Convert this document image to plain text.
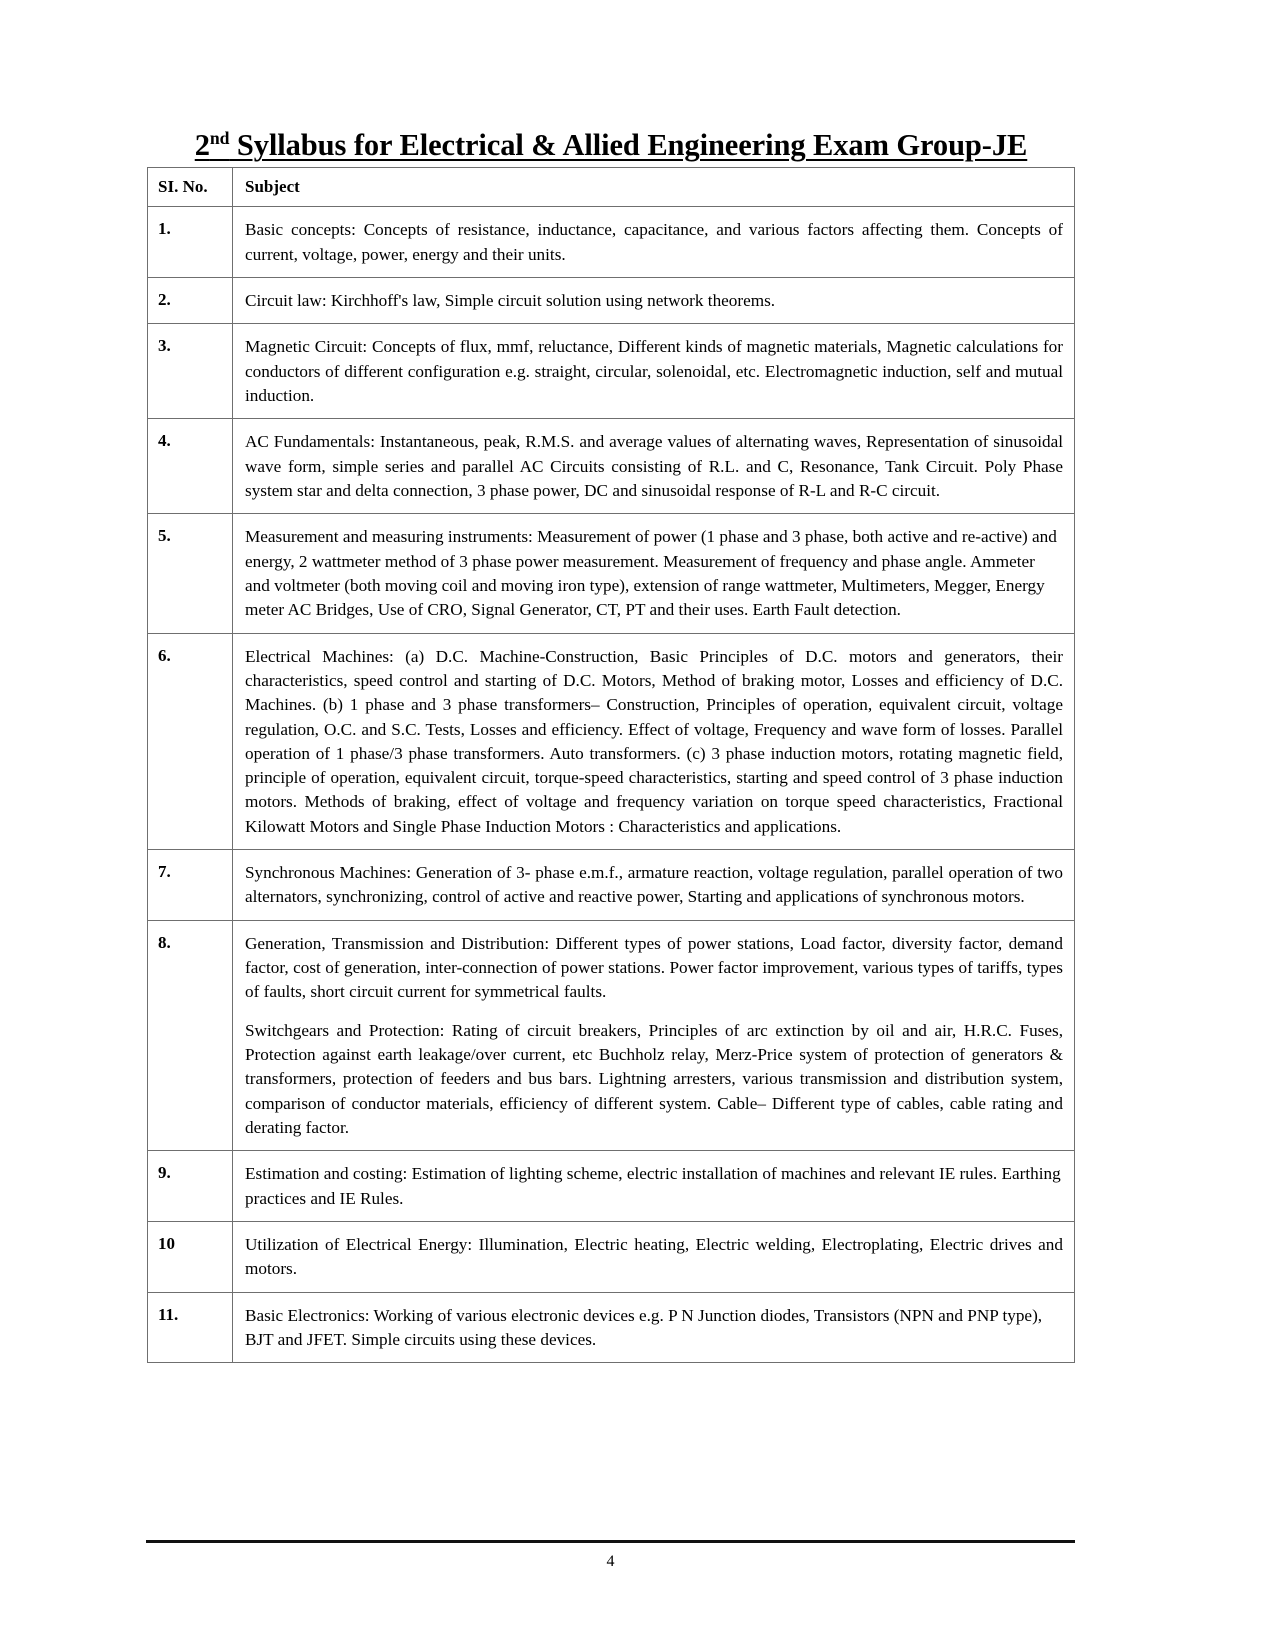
2nd Syllabus for Electrical & Allied Engineering Exam Group-JE
SI. No.	Subject
1.	Basic concepts: Concepts of resistance, inductance, capacitance, and various factors affecting them. Concepts of current, voltage, power, energy and their units.

2.	Circuit law: Kirchhoff's law, Simple circuit solution using network theorems.

3.	Magnetic Circuit: Concepts of flux, mmf, reluctance, Different kinds of magnetic materials, Magnetic calculations for conductors of different configuration e.g. straight, circular, solenoidal, etc. Electromagnetic induction, self and mutual induction.

4.	AC Fundamentals: Instantaneous, peak, R.M.S. and average values of alternating waves, Representation of sinusoidal wave form, simple series and parallel AC Circuits consisting of R.L. and C, Resonance, Tank Circuit. Poly Phase system star and delta connection, 3 phase power, DC and sinusoidal response of R-L and R-C circuit.

5.	Measurement and measuring instruments: Measurement of power (1 phase and 3 phase, both active and re-active) and energy, 2 wattmeter method of 3 phase power measurement. Measurement of frequency and phase angle. Ammeter and voltmeter (both moving coil and moving iron type), extension of range wattmeter, Multimeters, Megger, Energy meter AC Bridges, Use of CRO, Signal Generator, CT, PT and their uses. Earth Fault detection.

6.	Electrical Machines: (a) D.C. Machine-Construction, Basic Principles of D.C. motors and generators, their characteristics, speed control and starting of D.C. Motors, Method of braking motor, Losses and efficiency of D.C. Machines. (b) 1 phase and 3 phase transformers– Construction, Principles of operation, equivalent circuit, voltage regulation, O.C. and S.C. Tests, Losses and efficiency. Effect of voltage, Frequency and wave form of losses. Parallel operation of 1 phase/3 phase transformers. Auto transformers. (c) 3 phase induction motors, rotating magnetic field, principle of operation, equivalent circuit, torque-speed characteristics, starting and speed control of 3 phase induction motors. Methods of braking, effect of voltage and frequency variation on torque speed characteristics, Fractional Kilowatt Motors and Single Phase Induction Motors : Characteristics and applications.

7.	Synchronous Machines: Generation of 3- phase e.m.f., armature reaction, voltage regulation, parallel operation of two alternators, synchronizing, control of active and reactive power, Starting and applications of synchronous motors.

8.	Generation, Transmission and Distribution: Different types of power stations, Load factor, diversity factor, demand factor, cost of generation, inter-connection of power stations. Power factor improvement, various types of tariffs, types of faults, short circuit current for symmetrical faults.

Switchgears and Protection: Rating of circuit breakers, Principles of arc extinction by oil and air, H.R.C. Fuses, Protection against earth leakage/over current, etc Buchholz relay, Merz-Price system of protection of generators & transformers, protection of feeders and bus bars. Lightning arresters, various transmission and distribution system, comparison of conductor materials, efficiency of different system. Cable– Different type of cables, cable rating and derating factor.

9.	Estimation and costing: Estimation of lighting scheme, electric installation of machines and relevant IE rules. Earthing practices and IE Rules.

10	Utilization of Electrical Energy: Illumination, Electric heating, Electric welding, Electroplating, Electric drives and motors.

11.	Basic Electronics: Working of various electronic devices e.g. P N Junction diodes, Transistors (NPN and PNP type), BJT and JFET. Simple circuits using these devices.

4
